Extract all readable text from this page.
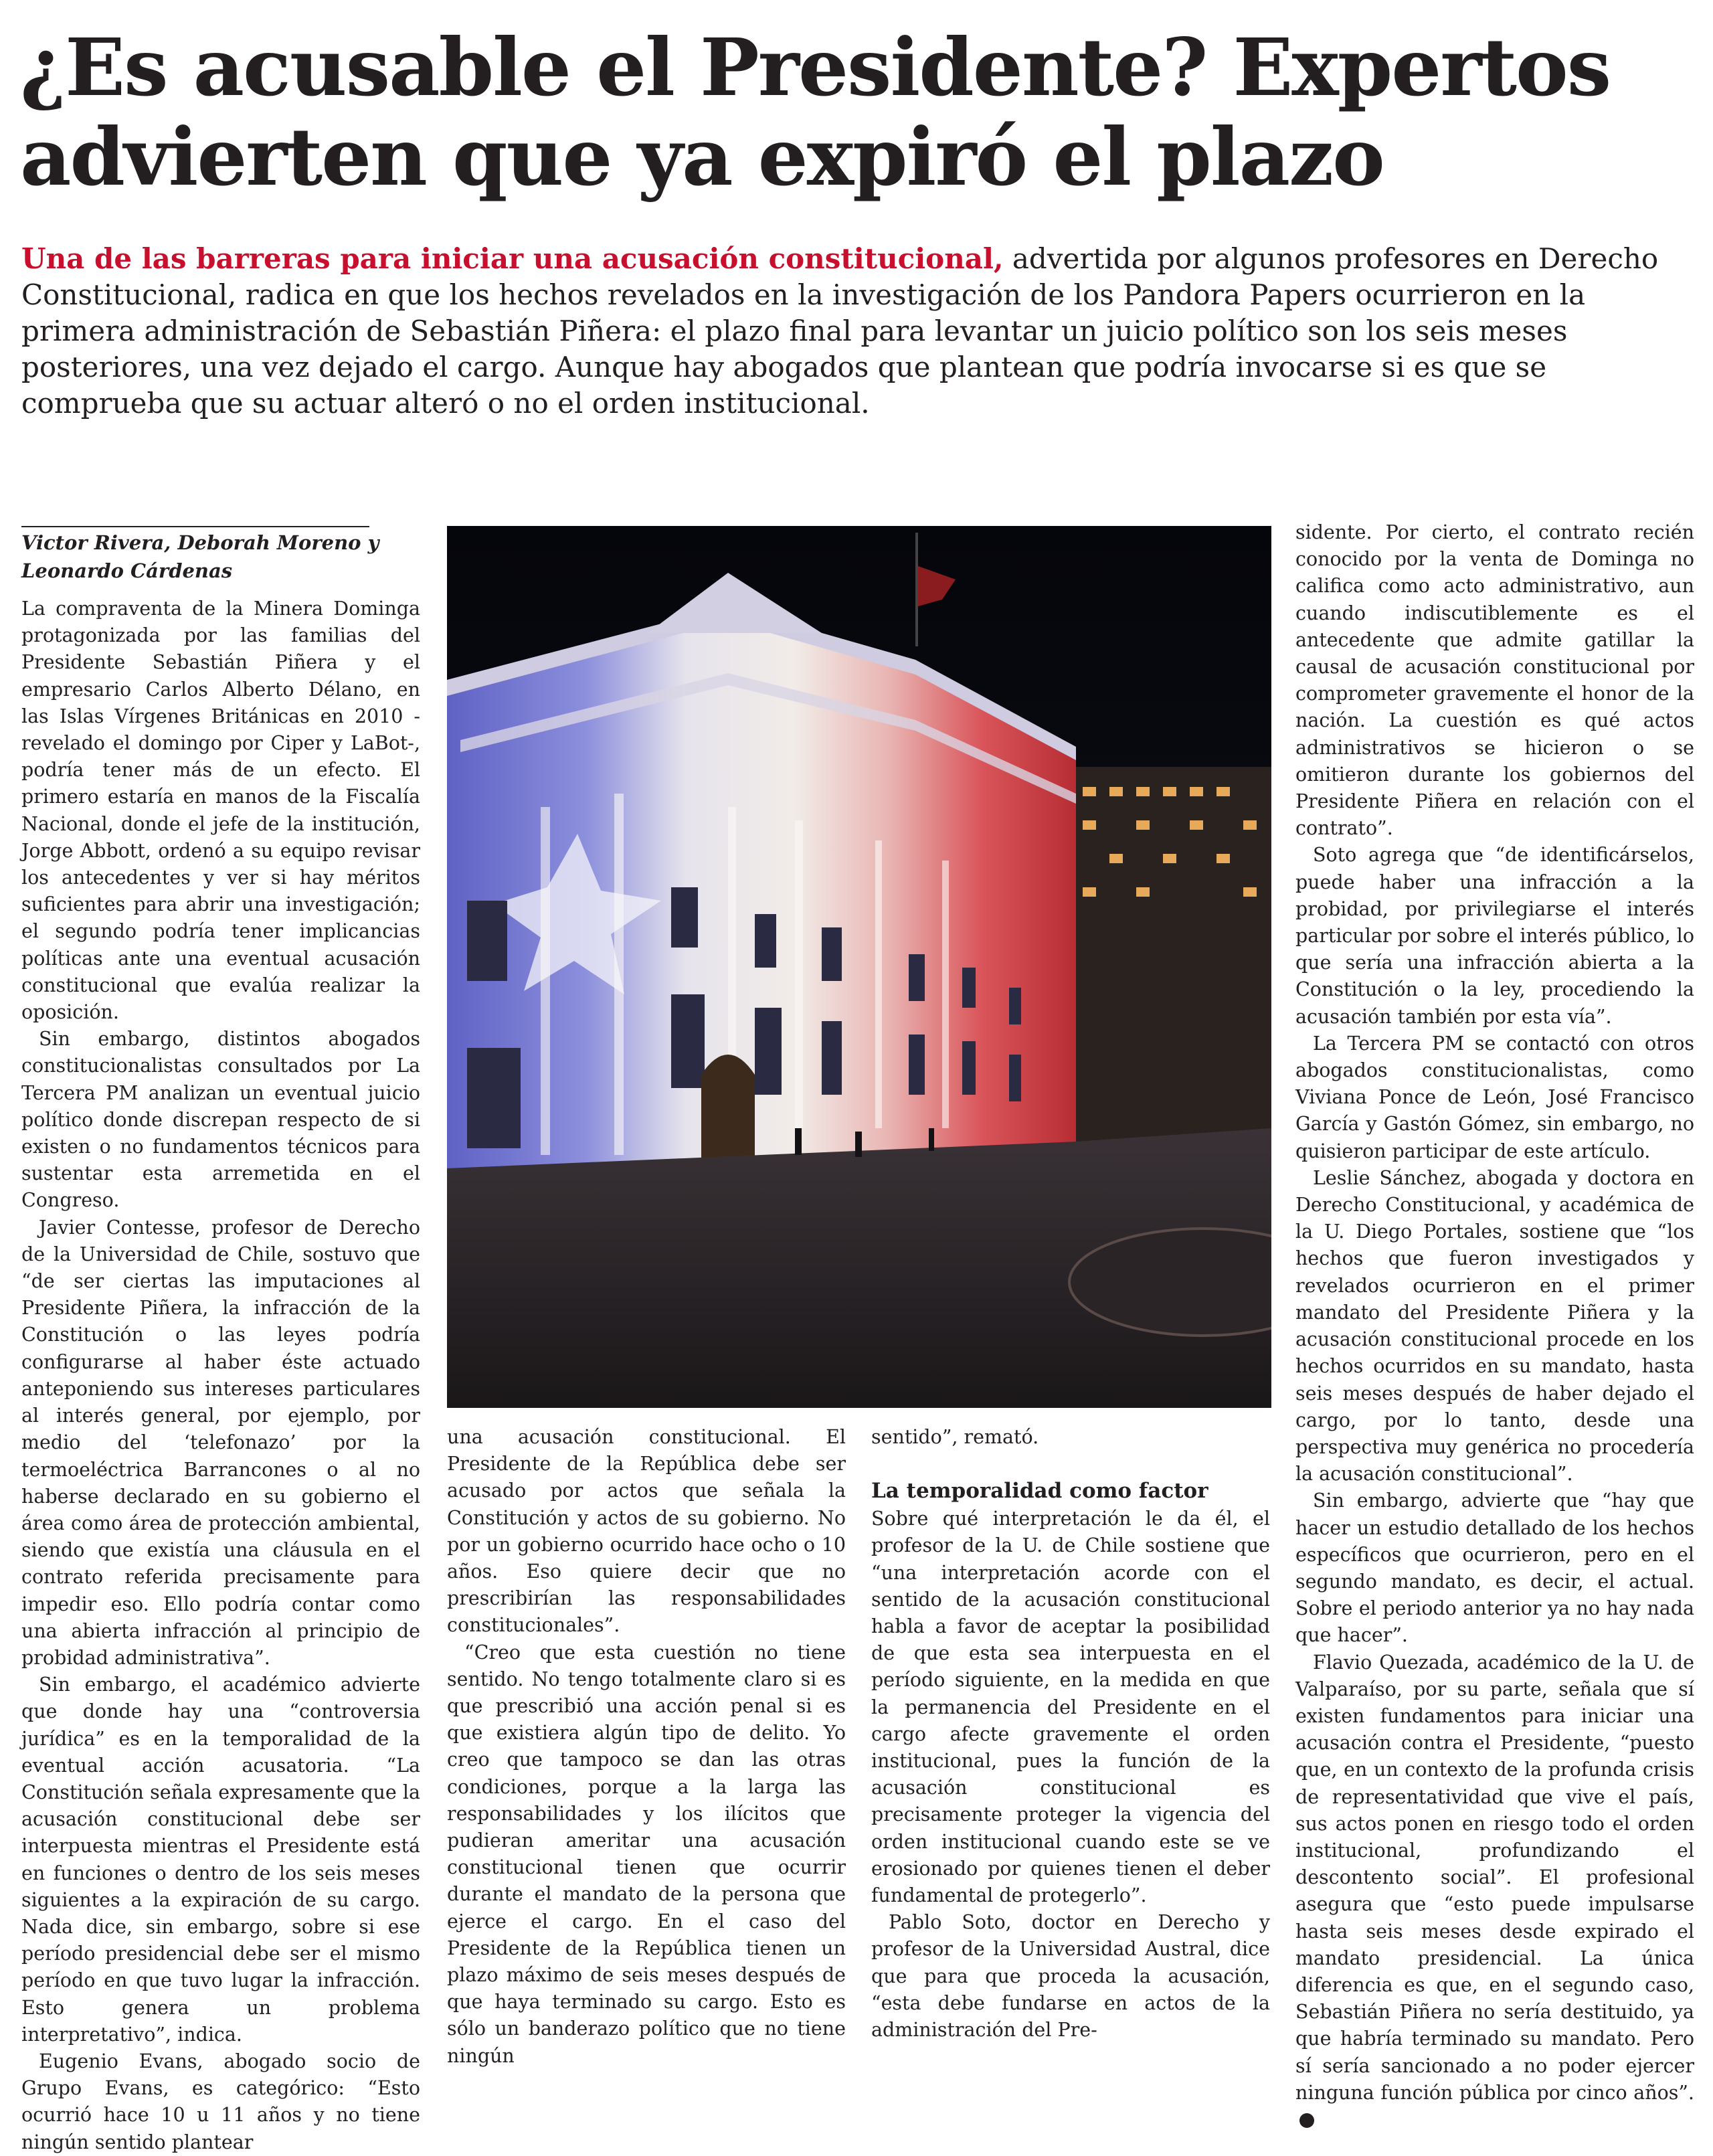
¿Es acusable el Presidente? Expertos advierten que ya expiró el plazo

Una de las barreras para iniciar una acusación constitucional, advertida por algunos profesores en Derecho Constitucional, radica en que los hechos revelados en la investigación de los Pandora Papers ocurrieron en la primera administración de Sebastián Piñera: el plazo final para levantar un juicio político son los seis meses posteriores, una vez dejado el cargo. Aunque hay abogados que plantean que podría invocarse si es que se comprueba que su actuar alteró o no el orden institucional.

Victor Rivera, Deborah Moreno y Leonardo Cárdenas

La compraventa de la Minera Dominga protagonizada por las familias del Presidente Sebastián Piñera y el empresario Carlos Alberto Délano, en las Islas Vírgenes Británicas en 2010 -revelado el domingo por Ciper y LaBot-, podría tener más de un efecto. El primero estaría en manos de la Fiscalía Nacional, donde el jefe de la institución, Jorge Abbott, ordenó a su equipo revisar los antecedentes y ver si hay méritos suficientes para abrir una investigación; el segundo podría tener implicancias políticas ante una eventual acusación constitucional que evalúa realizar la oposición.

Sin embargo, distintos abogados constitucionalistas consultados por La Tercera PM analizan un eventual juicio político donde discrepan respecto de si existen o no fundamentos técnicos para sustentar esta arremetida en el Congreso.

Javier Contesse, profesor de Derecho de la Universidad de Chile, sostuvo que “de ser ciertas las imputaciones al Presidente Piñera, la infracción de la Constitución o las leyes podría configurarse al haber éste actuado anteponiendo sus intereses particulares al interés general, por ejemplo, por medio del ‘telefonazo’ por la termoeléctrica Barrancones o al no haberse declarado en su gobierno el área como área de protección ambiental, siendo que existía una cláusula en el contrato referida precisamente para impedir eso. Ello podría contar como una abierta infracción al principio de probidad administrativa”.

Sin embargo, el académico advierte que donde hay una “controversia jurídica” es en la temporalidad de la eventual acción acusatoria. “La Constitución señala expresamente que la acusación constitucional debe ser interpuesta mientras el Presidente está en funciones o dentro de los seis meses siguientes a la expiración de su cargo. Nada dice, sin embargo, sobre si ese período presidencial debe ser el mismo período en que tuvo lugar la infracción. Esto genera un problema interpretativo”, indica.

Eugenio Evans, abogado socio de Grupo Evans, es categórico: “Esto ocurrió hace 10 u 11 años y no tiene ningún sentido plantear

una acusación constitucional. El Presidente de la República debe ser acusado por actos que señala la Constitución y actos de su gobierno. No por un gobierno ocurrido hace ocho o 10 años. Eso quiere decir que no prescribirían las responsabilidades constitucionales”.

“Creo que esta cuestión no tiene sentido. No tengo totalmente claro si es que prescribió una acción penal si es que existiera algún tipo de delito. Yo creo que tampoco se dan las otras condiciones, porque a la larga las responsabilidades y los ilícitos que pudieran ameritar una acusación constitucional tienen que ocurrir durante el mandato de la persona que ejerce el cargo. En el caso del Presidente de la República tienen un plazo máximo de seis meses después de que haya terminado su cargo. Esto es sólo un banderazo político que no tiene ningún

sentido”, remató.

La temporalidad como factor

Sobre qué interpretación le da él, el profesor de la U. de Chile sostiene que “una interpretación acorde con el sentido de la acusación constitucional habla a favor de aceptar la posibilidad de que esta sea interpuesta en el período siguiente, en la medida en que la permanencia del Presidente en el cargo afecte gravemente el orden institucional, pues la función de la acusación constitucional es precisamente proteger la vigencia del orden institucional cuando este se ve erosionado por quienes tienen el deber fundamental de protegerlo”.

Pablo Soto, doctor en Derecho y profesor de la Universidad Austral, dice que para que proceda la acusación, “esta debe fundarse en actos de la administración del Pre-

sidente. Por cierto, el contrato recién conocido por la venta de Dominga no califica como acto administrativo, aun cuando indiscutiblemente es el antecedente que admite gatillar la causal de acusación constitucional por comprometer gravemente el honor de la nación. La cuestión es qué actos administrativos se hicieron o se omitieron durante los gobiernos del Presidente Piñera en relación con el contrato”.

Soto agrega que “de identificárselos, puede haber una infracción a la probidad, por privilegiarse el interés particular por sobre el interés público, lo que sería una infracción abierta a la Constitución o la ley, procediendo la acusación también por esta vía”.

La Tercera PM se contactó con otros abogados constitucionalistas, como Viviana Ponce de León, José Francisco García y Gastón Gómez, sin embargo, no quisieron participar de este artículo.

Leslie Sánchez, abogada y doctora en Derecho Constitucional, y académica de la U. Diego Portales, sostiene que “los hechos que fueron investigados y revelados ocurrieron en el primer mandato del Presidente Piñera y la acusación constitucional procede en los hechos ocurridos en su mandato, hasta seis meses después de haber dejado el cargo, por lo tanto, desde una perspectiva muy genérica no procedería la acusación constitucional”.

Sin embargo, advierte que “hay que hacer un estudio detallado de los hechos específicos que ocurrieron, pero en el segundo mandato, es decir, el actual. Sobre el periodo anterior ya no hay nada que hacer”.

Flavio Quezada, académico de la U. de Valparaíso, por su parte, señala que sí existen fundamentos para iniciar una acusación contra el Presidente, “puesto que, en un contexto de la profunda crisis de representatividad que vive el país, sus actos ponen en riesgo todo el orden institucional, profundizando el descontento social”. El profesional asegura que “esto puede impulsarse hasta seis meses desde expirado el mandato presidencial. La única diferencia es que, en el segundo caso, Sebastián Piñera no sería destituido, ya que habría terminado su mandato. Pero sí sería sancionado a no poder ejercer ninguna función pública por cinco años”.
